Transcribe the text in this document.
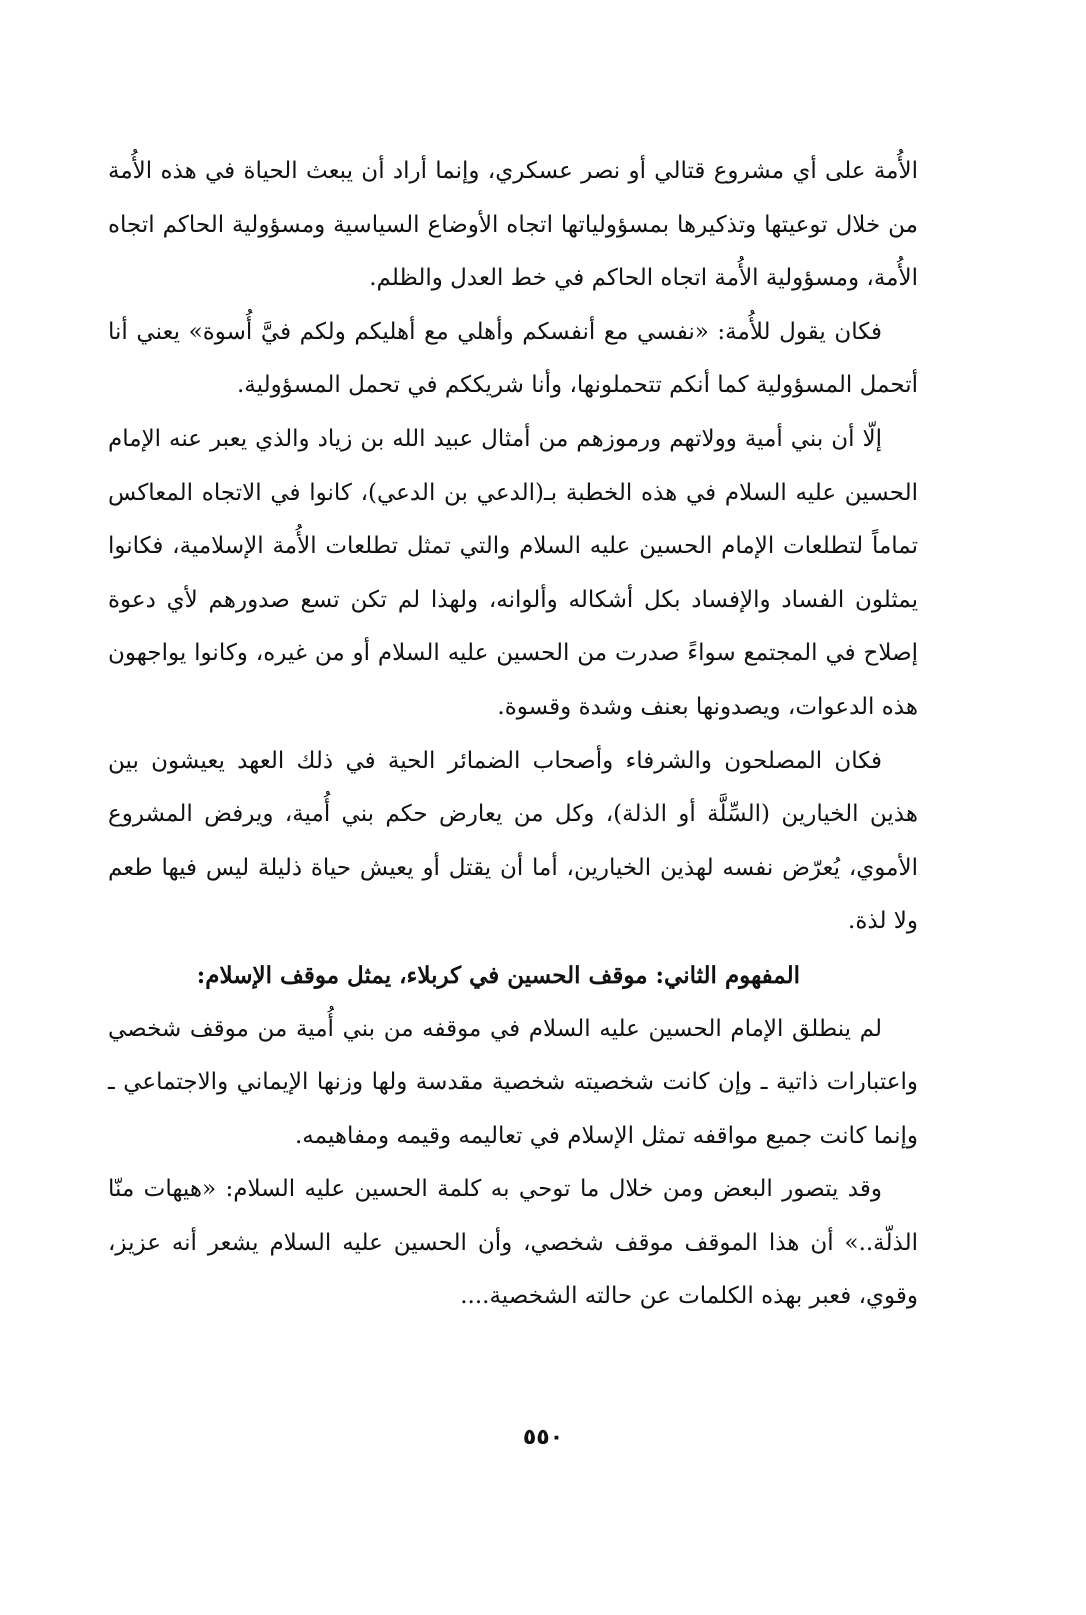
الأُمة على أي مشروع قتالي أو نصر عسكري، وإنما أراد أن يبعث الحياة في هذه الأُمة من خلال توعيتها وتذكيرها بمسؤولياتها اتجاه الأوضاع السياسية ومسؤولية الحاكم اتجاه الأُمة، ومسؤولية الأُمة اتجاه الحاكم في خط العدل والظلم.

فكان يقول للأُمة: «نفسي مع أنفسكم وأهلي مع أهليكم ولكم فيَّ أُسوة» يعني أنا أتحمل المسؤولية كما أنكم تتحملونها، وأنا شريككم في تحمل المسؤولية.

إلّا أن بني أمية وولاتهم ورموزهم من أمثال عبيد الله بن زياد والذي يعبر عنه الإمام الحسين عليه السلام في هذه الخطبة بـ(الدعي بن الدعي)، كانوا في الاتجاه المعاكس تماماً لتطلعات الإمام الحسين عليه السلام والتي تمثل تطلعات الأُمة الإسلامية، فكانوا يمثلون الفساد والإفساد بكل أشكاله وألوانه، ولهذا لم تكن تسع صدورهم لأي دعوة إصلاح في المجتمع سواءً صدرت من الحسين عليه السلام أو من غيره، وكانوا يواجهون هذه الدعوات، ويصدونها بعنف وشدة وقسوة.

فكان المصلحون والشرفاء وأصحاب الضمائر الحية في ذلك العهد يعيشون بين هذين الخيارين (السِّلَّة أو الذلة)، وكل من يعارض حكم بني أُمية، ويرفض المشروع الأموي، يُعرّض نفسه لهذين الخيارين، أما أن يقتل أو يعيش حياة ذليلة ليس فيها طعم ولا لذة.

المفهوم الثاني: موقف الحسين في كربلاء، يمثل موقف الإسلام:

لم ينطلق الإمام الحسين عليه السلام في موقفه من بني أُمية من موقف شخصي واعتبارات ذاتية ـ وإن كانت شخصيته شخصية مقدسة ولها وزنها الإيماني والاجتماعي ـ وإنما كانت جميع مواقفه تمثل الإسلام في تعاليمه وقيمه ومفاهيمه.

وقد يتصور البعض ومن خلال ما توحي به كلمة الحسين عليه السلام: «هيهات منّا الذلّة..» أن هذا الموقف موقف شخصي، وأن الحسين عليه السلام يشعر أنه عزيز، وقوي، فعبر بهذه الكلمات عن حالته الشخصية....

٥٥٠
